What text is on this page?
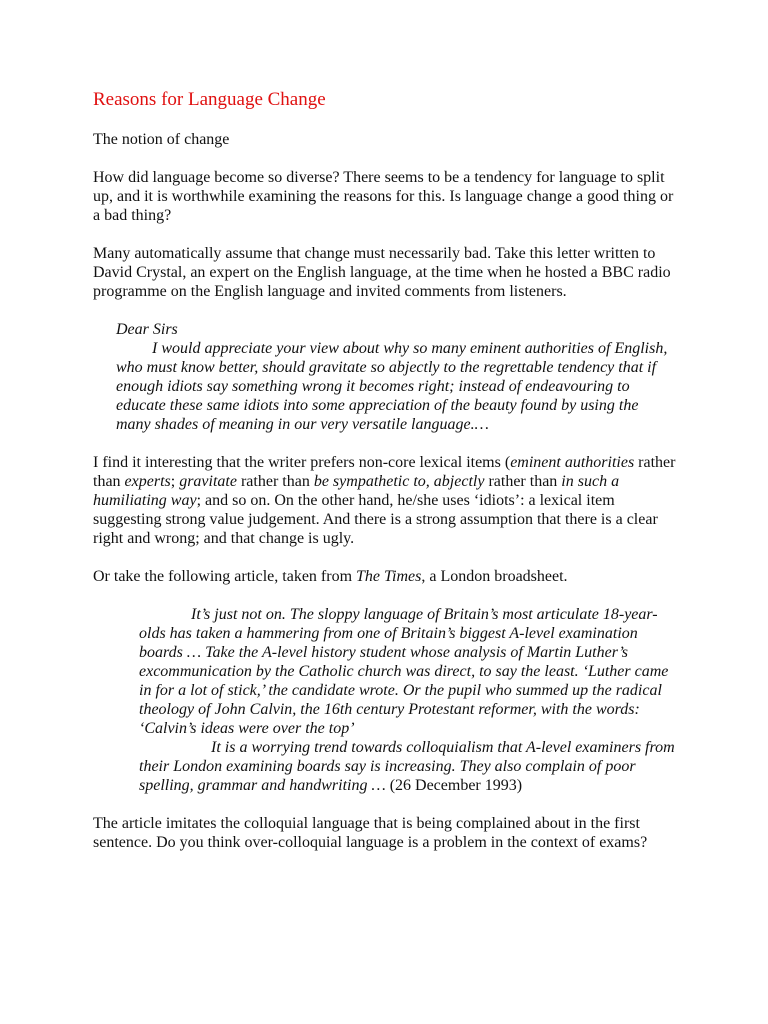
Reasons for Language Change

The notion of change

How did language become so diverse? There seems to be a tendency for language to split up, and it is worthwhile examining the reasons for this. Is language change a good thing or a bad thing?

Many automatically assume that change must necessarily bad. Take this letter written to David Crystal, an expert on the English language, at the time when he hosted a BBC radio programme on the English language and invited comments from listeners.

Dear Sirs
I would appreciate your view about why so many eminent authorities of English, who must know better, should gravitate so abjectly to the regrettable tendency that if enough idiots say something wrong it becomes right; instead of endeavouring to educate these same idiots into some appreciation of the beauty found by using the many shades of meaning in our very versatile language.…

I find it interesting that the writer prefers non-core lexical items (eminent authorities rather than experts; gravitate rather than be sympathetic to, abjectly rather than in such a humiliating way; and so on. On the other hand, he/she uses ‘idiots’: a lexical item suggesting strong value judgement. And there is a strong assumption that there is a clear right and wrong; and that change is ugly.

Or take the following article, taken from The Times, a London broadsheet.

It’s just not on. The sloppy language of Britain’s most articulate 18-year-olds has taken a hammering from one of Britain’s biggest A-level examination boards … Take the A-level history student whose analysis of Martin Luther’s excommunication by the Catholic church was direct, to say the least. ‘Luther came in for a lot of stick,’ the candidate wrote. Or the pupil who summed up the radical theology of John Calvin, the 16th century Protestant reformer, with the words: ‘Calvin’s ideas were over the top’
It is a worrying trend towards colloquialism that A-level examiners from their London examining boards say is increasing. They also complain of poor spelling, grammar and handwriting … (26 December 1993)

The article imitates the colloquial language that is being complained about in the first sentence. Do you think over-colloquial language is a problem in the context of exams?
